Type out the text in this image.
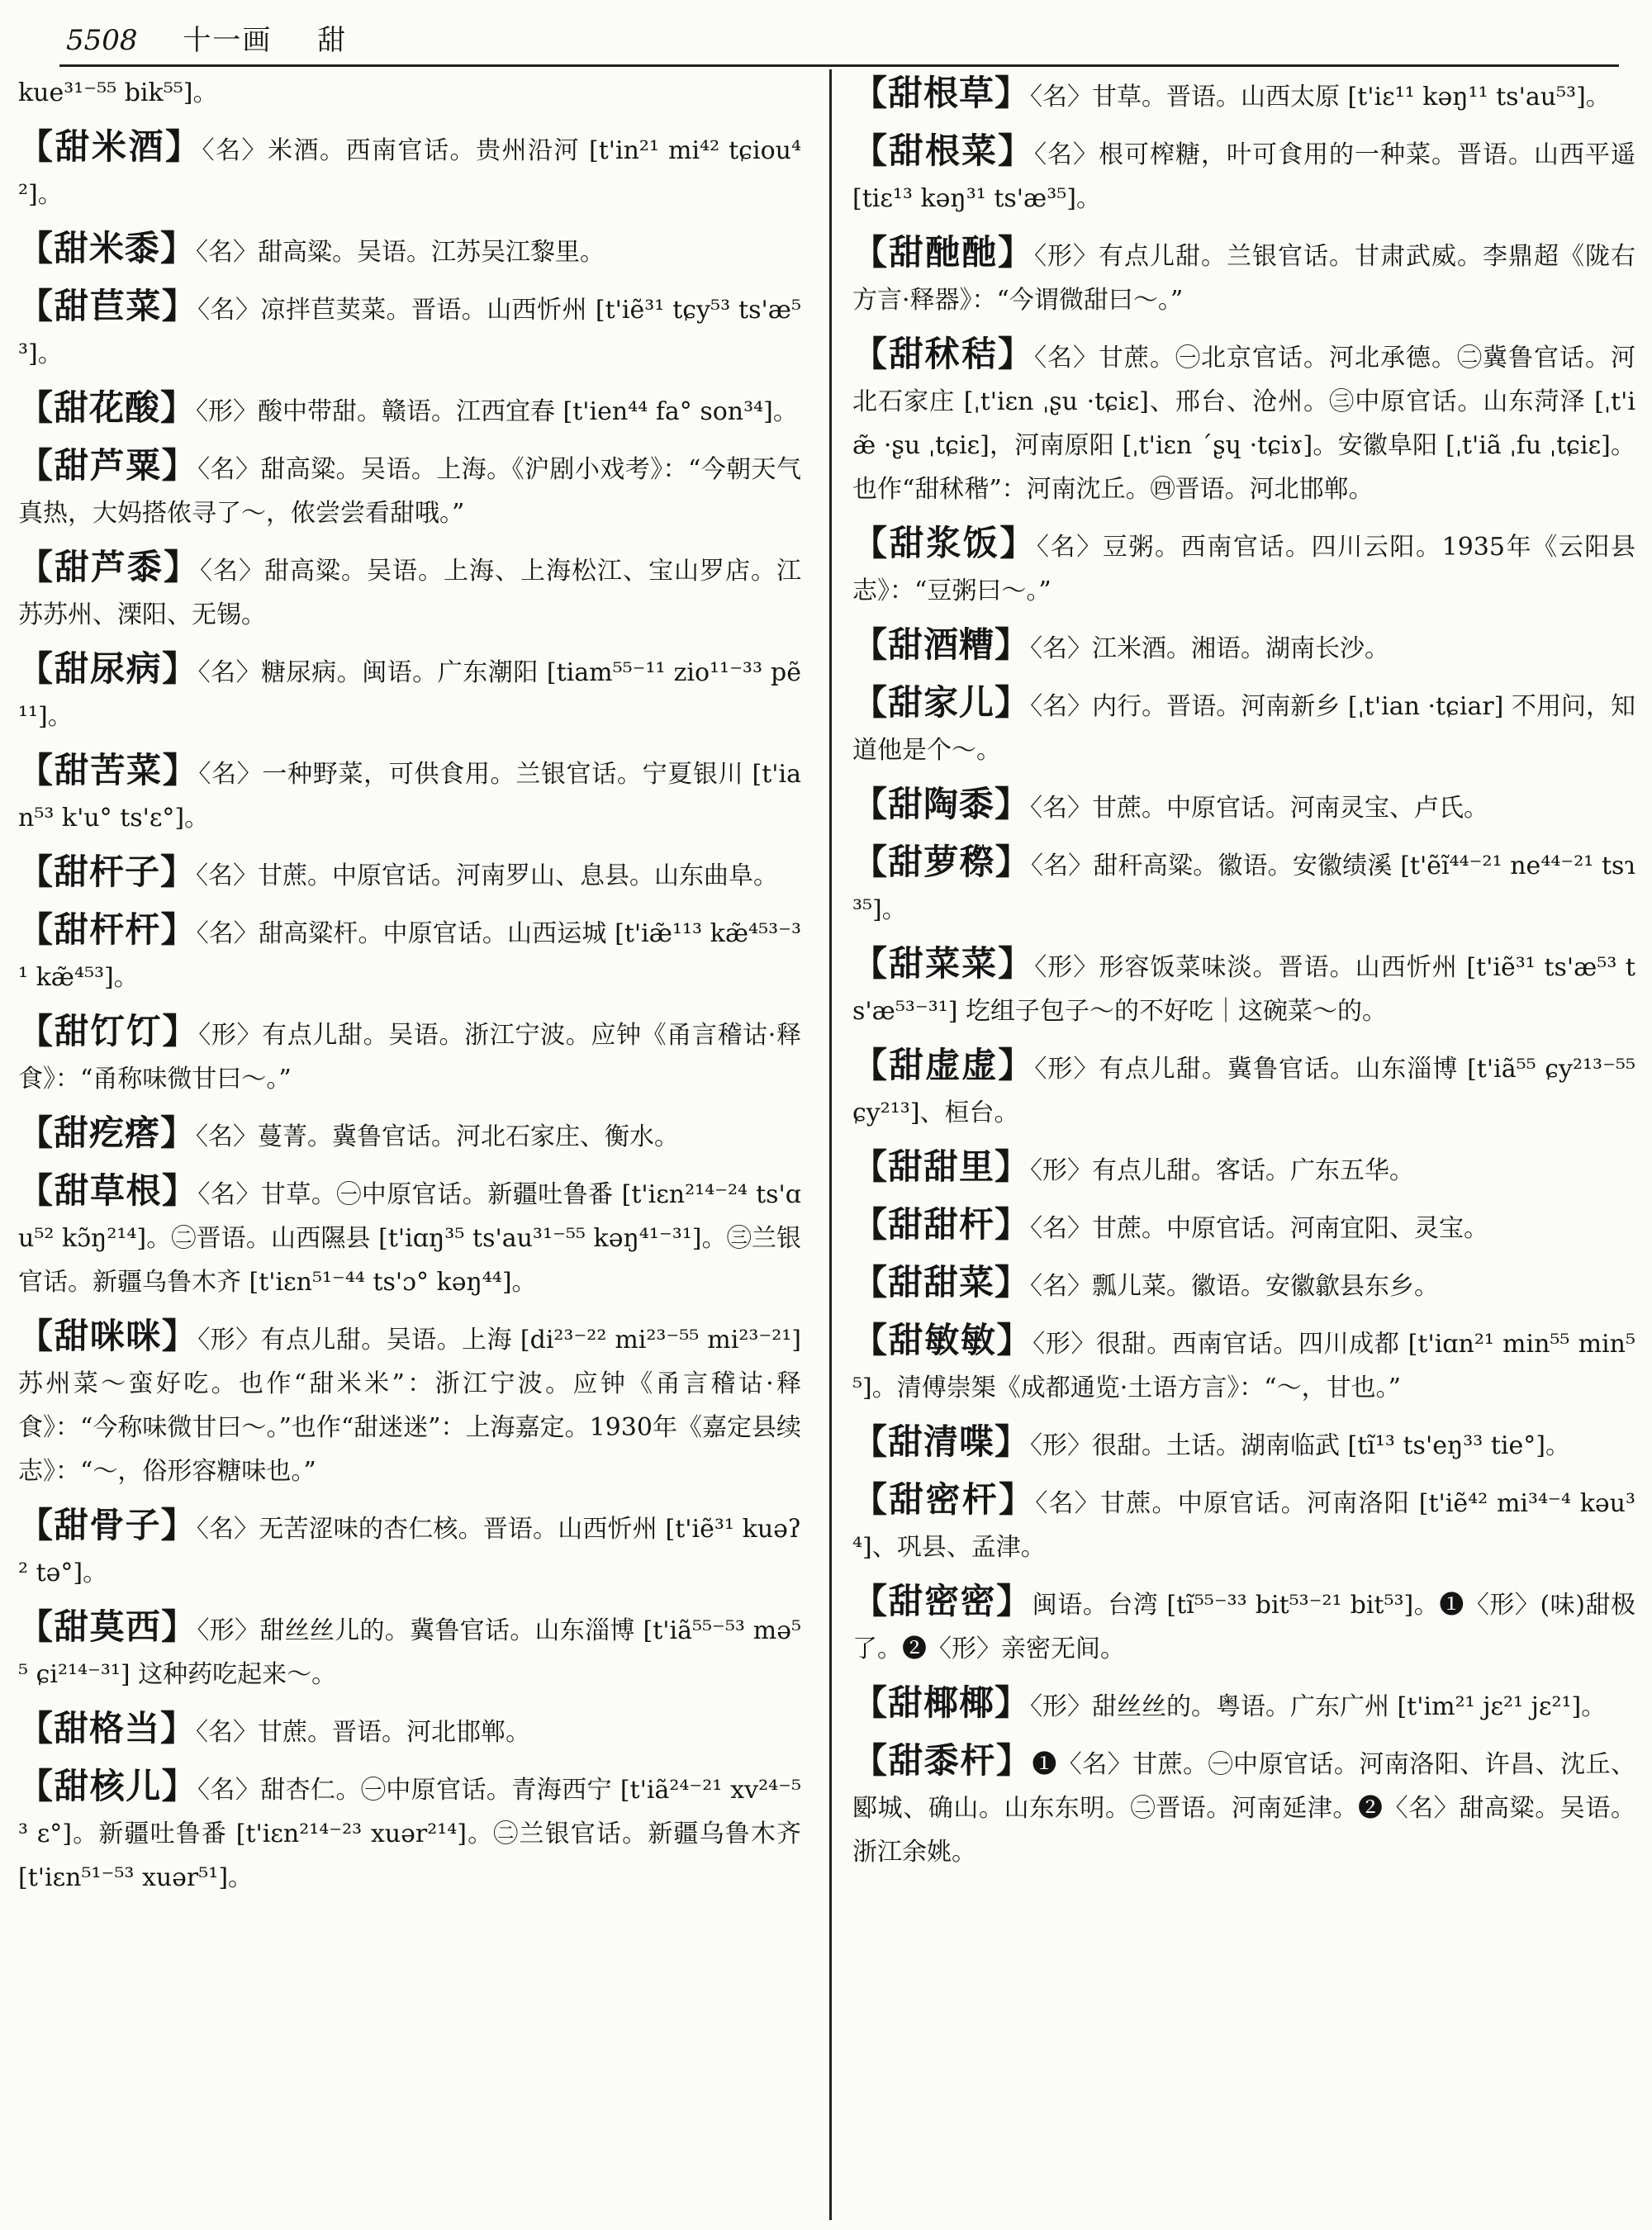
5508 十一画 甜
kue³¹⁻⁵⁵ bik⁵⁵]。
【甜米酒】〈名〉米酒。西南官话。贵州沿河 [t'in²¹ mi⁴² tɕiou⁴²]。
【甜米黍】〈名〉甜高粱。吴语。江苏吴江黎里。
【甜苣菜】〈名〉凉拌苣荬菜。晋语。山西忻州 [t'iẽ³¹ tɕy⁵³ ts'æ⁵³]。
【甜花酸】〈形〉酸中带甜。赣语。江西宜春 [t'ien⁴⁴ fa° son³⁴]。
【甜芦粟】〈名〉甜高粱。吴语。上海。《沪剧小戏考》：“今朝天气真热，大妈搭侬寻了～，侬尝尝看甜哦。”
【甜芦黍】〈名〉甜高粱。吴语。上海、上海松江、宝山罗店。江苏苏州、溧阳、无锡。
【甜尿病】〈名〉糖尿病。闽语。广东潮阳 [tiam⁵⁵⁻¹¹ zio¹¹⁻³³ pẽ¹¹]。
【甜苦菜】〈名〉一种野菜，可供食用。兰银官话。宁夏银川 [t'ian⁵³ k'u° ts'ɛ°]。
【甜杆子】〈名〉甘蔗。中原官话。河南罗山、息县。山东曲阜。
【甜杆杆】〈名〉甜高粱杆。中原官话。山西运城 [t'iæ̃¹¹³ kæ̃⁴⁵³⁻³¹ kæ̃⁴⁵³]。
【甜饤饤】〈形〉有点儿甜。吴语。浙江宁波。应钟《甬言稽诂·释食》：“甬称味微甘曰～。”
【甜疙瘩】〈名〉蔓菁。冀鲁官话。河北石家庄、衡水。
【甜草根】〈名〉甘草。㊀中原官话。新疆吐鲁番 [t'iɛn²¹⁴⁻²⁴ ts'ɑu⁵² kɔ̃ŋ²¹⁴]。㊁晋语。山西隰县 [t'iɑŋ³⁵ ts'au³¹⁻⁵⁵ kəŋ⁴¹⁻³¹]。㊂兰银官话。新疆乌鲁木齐 [t'iɛn⁵¹⁻⁴⁴ ts'ɔ° kəŋ⁴⁴]。
【甜咪咪】〈形〉有点儿甜。吴语。上海 [di²³⁻²² mi²³⁻⁵⁵ mi²³⁻²¹] 苏州菜～蛮好吃。也作“甜米米”：浙江宁波。应钟《甬言稽诂·释食》：“今称味微甘曰～。”也作“甜迷迷”：上海嘉定。1930年《嘉定县续志》：“～，俗形容糖味也。”
【甜骨子】〈名〉无苦涩味的杏仁核。晋语。山西忻州 [t'iẽ³¹ kuəʔ² tə°]。
【甜莫西】〈形〉甜丝丝儿的。冀鲁官话。山东淄博 [t'iã⁵⁵⁻⁵³ mə⁵⁵ ɕi²¹⁴⁻³¹] 这种药吃起来～。
【甜格当】〈名〉甘蔗。晋语。河北邯郸。
【甜核儿】〈名〉甜杏仁。㊀中原官话。青海西宁 [t'iã²⁴⁻²¹ xv²⁴⁻⁵³ ɛ°]。新疆吐鲁番 [t'iɛn²¹⁴⁻²³ xuər²¹⁴]。㊁兰银官话。新疆乌鲁木齐 [t'iɛn⁵¹⁻⁵³ xuər⁵¹]。
【甜根草】〈名〉甘草。晋语。山西太原 [t'iɛ¹¹ kəŋ¹¹ ts'au⁵³]。
【甜根菜】〈名〉根可榨糖，叶可食用的一种菜。晋语。山西平遥 [tiɛ¹³ kəŋ³¹ ts'æ³⁵]。
【甜酏酏】〈形〉有点儿甜。兰银官话。甘肃武威。李鼎超《陇右方言·释器》：“今谓微甜曰～。”
【甜秫秸】〈名〉甘蔗。㊀北京官话。河北承德。㊁冀鲁官话。河北石家庄 [ˌt'iɛn ˌʂu ·tɕiɛ]、邢台、沧州。㊂中原官话。山东菏泽 [ˌt'iæ̃ ·ʂu ˌtɕiɛ]，河南原阳 [ˌt'iɛn ˊʂɥ ·tɕiɤ]。安徽阜阳 [ˌt'iã ˌfu ˌtɕiɛ]。也作“甜秫稭”：河南沈丘。㊃晋语。河北邯郸。
【甜浆饭】〈名〉豆粥。西南官话。四川云阳。1935年《云阳县志》：“豆粥曰～。”
【甜酒糟】〈名〉江米酒。湘语。湖南长沙。
【甜家儿】〈名〉内行。晋语。河南新乡 [ˌt'ian ·tɕiar] 不用问，知道他是个～。
【甜陶黍】〈名〉甘蔗。中原官话。河南灵宝、卢氏。
【甜萝穄】〈名〉甜秆高粱。徽语。安徽绩溪 [t'ẽĩ⁴⁴⁻²¹ ne⁴⁴⁻²¹ tsɿ³⁵]。
【甜菜菜】〈形〉形容饭菜味淡。晋语。山西忻州 [t'iẽ³¹ ts'æ⁵³ ts'æ⁵³⁻³¹] 圪组子包子～的不好吃｜这碗菜～的。
【甜虚虚】〈形〉有点儿甜。冀鲁官话。山东淄博 [t'iã⁵⁵ ɕy²¹³⁻⁵⁵ ɕy²¹³]、桓台。
【甜甜里】〈形〉有点儿甜。客话。广东五华。
【甜甜杆】〈名〉甘蔗。中原官话。河南宜阳、灵宝。
【甜甜菜】〈名〉瓢儿菜。徽语。安徽歙县东乡。
【甜敏敏】〈形〉很甜。西南官话。四川成都 [t'iɑn²¹ min⁵⁵ min⁵⁵]。清傅崇榘《成都通览·土语方言》：“～，甘也。”
【甜清喋】〈形〉很甜。土话。湖南临武 [tĩ¹³ ts'eŋ³³ tie°]。
【甜密杆】〈名〉甘蔗。中原官话。河南洛阳 [t'iẽ⁴² mi³⁴⁻⁴ kəu³⁴]、巩县、孟津。
【甜密密】闽语。台湾 [tĩ⁵⁵⁻³³ bit⁵³⁻²¹ bit⁵³]。❶〈形〉(味)甜极了。❷〈形〉亲密无间。
【甜椰椰】〈形〉甜丝丝的。粤语。广东广州 [t'im²¹ jɛ²¹ jɛ²¹]。
【甜黍杆】❶〈名〉甘蔗。㊀中原官话。河南洛阳、许昌、沈丘、郾城、确山。山东东明。㊁晋语。河南延津。❷〈名〉甜高粱。吴语。浙江余姚。
